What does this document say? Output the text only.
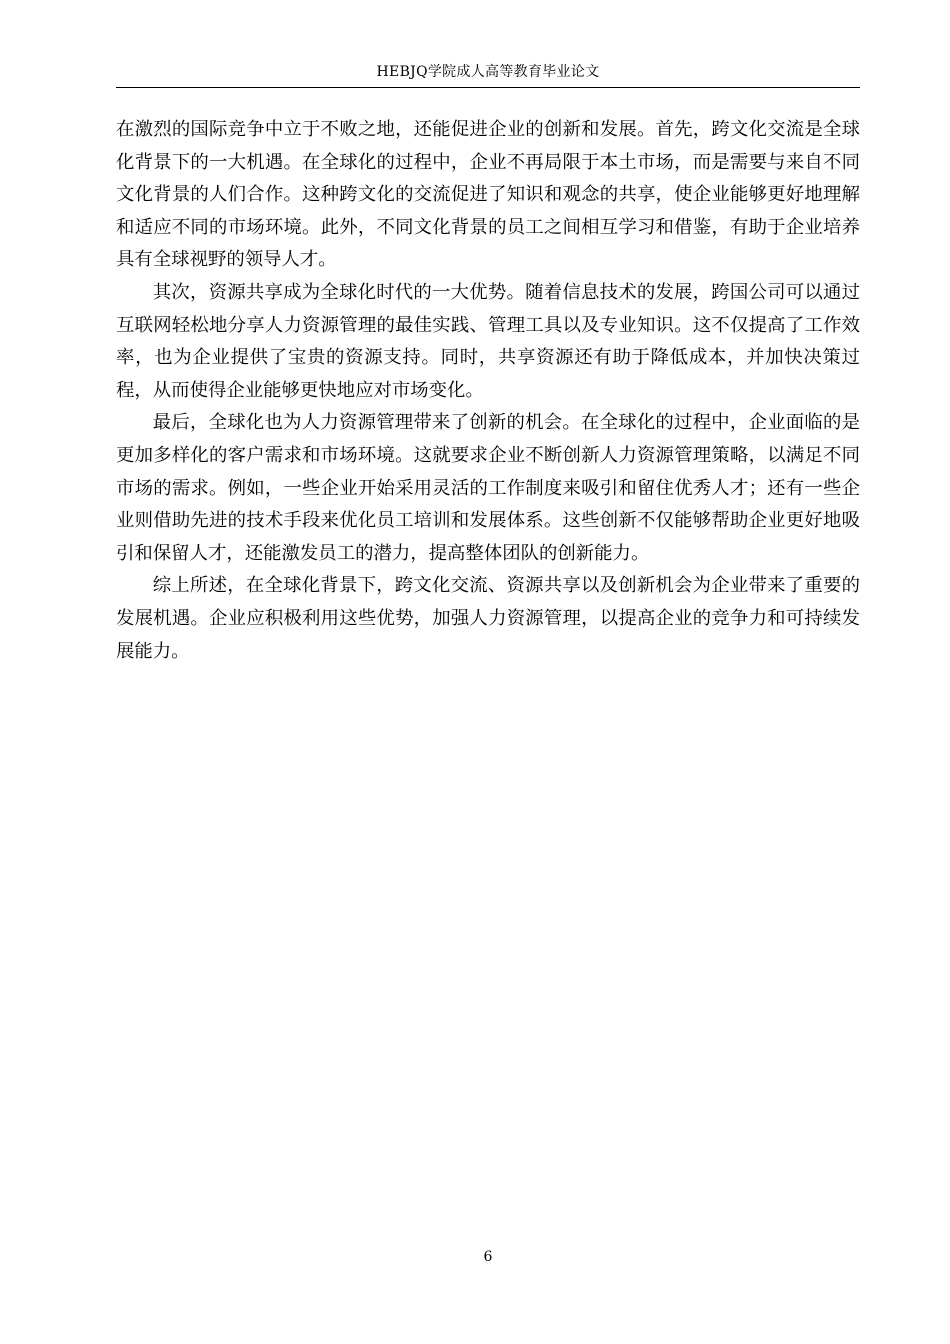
HEBJQ学院成人高等教育毕业论文

在激烈的国际竞争中立于不败之地，还能促进企业的创新和发展。首先，跨文化交流是全球化背景下的一大机遇。在全球化的过程中，企业不再局限于本土市场，而是需要与来自不同文化背景的人们合作。这种跨文化的交流促进了知识和观念的共享，使企业能够更好地理解和适应不同的市场环境。此外，不同文化背景的员工之间相互学习和借鉴，有助于企业培养具有全球视野的领导人才。

其次，资源共享成为全球化时代的一大优势。随着信息技术的发展，跨国公司可以通过互联网轻松地分享人力资源管理的最佳实践、管理工具以及专业知识。这不仅提高了工作效率，也为企业提供了宝贵的资源支持。同时，共享资源还有助于降低成本，并加快决策过程，从而使得企业能够更快地应对市场变化。

最后，全球化也为人力资源管理带来了创新的机会。在全球化的过程中，企业面临的是更加多样化的客户需求和市场环境。这就要求企业不断创新人力资源管理策略，以满足不同市场的需求。例如，一些企业开始采用灵活的工作制度来吸引和留住优秀人才；还有一些企业则借助先进的技术手段来优化员工培训和发展体系。这些创新不仅能够帮助企业更好地吸引和保留人才，还能激发员工的潜力，提高整体团队的创新能力。

综上所述，在全球化背景下，跨文化交流、资源共享以及创新机会为企业带来了重要的发展机遇。企业应积极利用这些优势，加强人力资源管理，以提高企业的竞争力和可持续发展能力。

6
